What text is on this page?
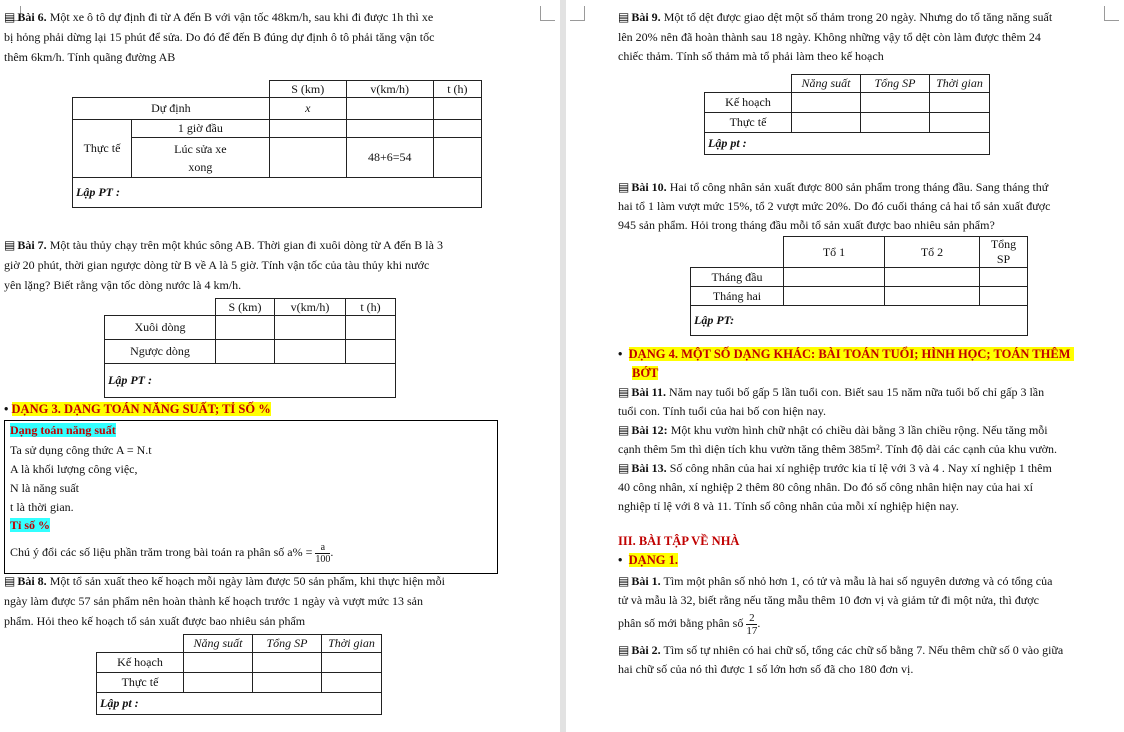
▤ Bài 6. Một xe ô tô dự định đi từ A đến B với vận tốc 48km/h, sau khi đi được 1h thì xe
bị hỏng phải dừng lại 15 phút để sửa. Do đó để đến B đúng dự định ô tô phải tăng vận tốc
thêm 6km/h. Tính quãng đường AB
		S (km)	v(km/h)	t (h)
Dự định		x		
Thực tế	1 giờ đầu			
	Lúc sửa xe
xong		48+6=54	
Lập PT :				
▤ Bài 7. Một tàu thủy chạy trên một khúc sông AB. Thời gian đi xuôi dòng từ A đến B là 3
giờ 20 phút, thời gian ngược dòng từ B về A là 5 giờ. Tính vận tốc của tàu thủy khi nước
yên lặng? Biết rằng vận tốc dòng nước là 4 km/h.
	S (km)	v(km/h)	t (h)
Xuôi dòng			
Ngược dòng			
Lập PT :			
• DẠNG 3. DẠNG TOÁN NĂNG SUẤT; TỈ SỐ %
Dạng toán năng suất
Ta sử dụng công thức A = N.t
A là khối lượng công việc,
N là năng suất
t là thời gian.
Tỉ số %
Chú ý đổi các số liệu phần trăm trong bài toán ra phân số $a\% = \frac{a}{100}$ .
▤ Bài 8. Một tổ sản xuất theo kế hoạch mỗi ngày làm được 50 sản phẩm, khi thực hiện mỗi
ngày làm được 57 sản phẩm nên hoàn thành kế hoạch trước 1 ngày và vượt mức 13 sản
phẩm. Hỏi theo kế hoạch tổ sản xuất được bao nhiêu sản phẩm
	Năng suất	Tổng SP	Thời gian
Kế hoạch			
Thực tế			
Lập pt :			
▤ Bài 9. Một tổ dệt được giao dệt một số thảm trong 20 ngày. Nhưng do tổ tăng năng suất
lên 20% nên đã hoàn thành sau 18 ngày. Không những vậy tổ dệt còn làm được thêm 24
chiếc thảm. Tính số thảm mà tổ phải làm theo kế hoạch
	Năng suất	Tổng SP	Thời gian
Kế hoạch			
Thực tế			
Lập pt :			
▤ Bài 10. Hai tổ công nhân sản xuất được 800 sản phẩm trong tháng đầu. Sang tháng thứ
hai tổ 1 làm vượt mức 15%, tổ 2 vượt mức 20%. Do đó cuối tháng cả hai tổ sản xuất được
945 sản phẩm. Hỏi trong tháng đầu mỗi tổ sản xuất được bao nhiêu sản phẩm?
	Tổ 1	Tổ 2	Tổng SP
Tháng đầu			
Tháng hai			
Lập PT:			
• DẠNG 4. MỘT SỐ DẠNG KHÁC: BÀI TOÁN TUỔI; HÌNH HỌC; TOÁN THÊM
BỚT
▤ Bài 11. Năm nay tuổi bố gấp 5 lần tuổi con. Biết sau 15 năm nữa tuổi bố chỉ gấp 3 lần
tuổi con. Tính tuổi của hai bố con hiện nay.
▤ Bài 12: Một khu vườn hình chữ nhật có chiều dài bằng 3 lần chiều rộng. Nếu tăng mỗi
cạnh thêm 5m thì diện tích khu vườn tăng thêm 385m². Tính độ dài các cạnh của khu vườn.
▤ Bài 13. Số công nhân của hai xí nghiệp trước kia tỉ lệ với 3 và 4 . Nay xí nghiệp 1 thêm
40 công nhân, xí nghiệp 2 thêm 80 công nhân. Do đó số công nhân hiện nay của hai xí
nghiệp tỉ lệ với 8 và 11. Tính số công nhân của mỗi xí nghiệp hiện nay.
III. BÀI TẬP VỀ NHÀ
• DẠNG 1.
▤ Bài 1. Tìm một phân số nhỏ hơn 1, có tử và mẫu là hai số nguyên dương và có tổng của
tử và mẫu là 32, biết rằng nếu tăng mẫu thêm 10 đơn vị và giảm tử đi một nửa, thì được
phân số mới bằng phân số $\frac{2}{17}$ .
▤ Bài 2. Tìm số tự nhiên có hai chữ số, tổng các chữ số bằng 7. Nếu thêm chữ số 0 vào giữa
hai chữ số của nó thì được 1 số lớn hơn số đã cho 180 đơn vị.
